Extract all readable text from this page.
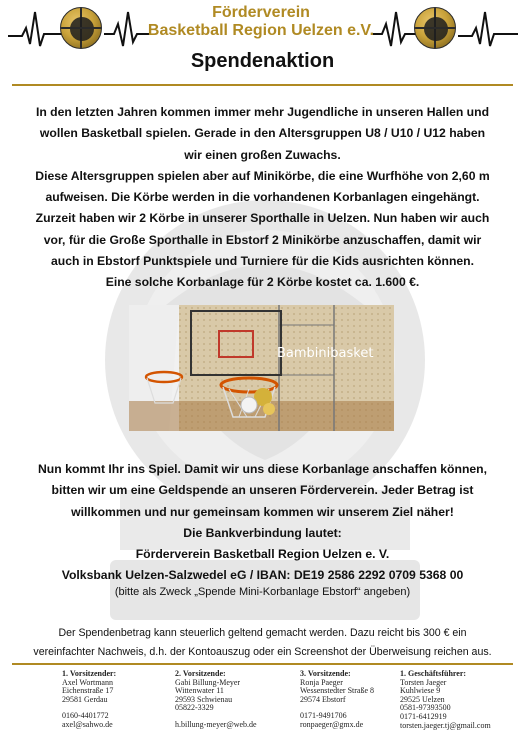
Förderverein
Basketball Region Uelzen e.V.
Spendenaktion
In den letzten Jahren kommen immer mehr Jugendliche in unseren Hallen und
wollen Basketball spielen. Gerade in den Altersgruppen U8 / U10 / U12 haben
wir einen großen Zuwachs.
Diese Altersgruppen spielen aber auf Minikörbe, die eine Wurfhöhe von 2,60 m
aufweisen. Die Körbe werden in die vorhandenen Korbanlagen eingehängt.
Zurzeit haben wir 2 Körbe in unserer Sporthalle in Uelzen. Nun haben wir auch
vor, für die Große Sporthalle in Ebstorf 2 Minikörbe anzuschaffen, damit wir
auch in Ebstorf Punktspiele und Turniere für die Kids ausrichten können.
Eine solche Korbanlage für 2 Körbe kostet ca. 1.600 €.
Bambinibasket
Nun kommt Ihr ins Spiel. Damit wir uns diese Korbanlage anschaffen können,
bitten wir um eine Geldspende an unseren Förderverein. Jeder Betrag ist
willkommen und nur gemeinsam kommen wir unserem Ziel näher!
Die Bankverbindung lautet:
Förderverein Basketball Region Uelzen e. V.
Volksbank Uelzen-Salzwedel eG / IBAN: DE19 2586 2292 0709 5368 00
(bitte als Zweck „Spende Mini-Korbanlage Ebstorf“ angeben)
Der Spendenbetrag kann steuerlich geltend gemacht werden. Dazu reicht bis 300 € ein
vereinfachter Nachweis, d.h. der Kontoauszug oder ein Screenshot der Überweisung reichen aus.
1. Vorsitzender:
Axel Wortmann
Eichenstraße 17
29581 Gerdau
0160-4401772
axel@sahwo.de
2. Vorsitzende:
Gabi Billung-Meyer
Wittenwater 11
29593 Schwienau
05822-3329
h.billung-meyer@web.de
3. Vorsitzende:
Ronja Paeger
Wessenstedter Straße 8
29574 Ebstorf
0171-9491706
ronpaeger@gmx.de
1. Geschäftsführer:
Torsten Jaeger
Kuhlwiese 9
29525 Uelzen
0581-97393500
0171-6412919
torsten.jaeger.tj@gmail.com
